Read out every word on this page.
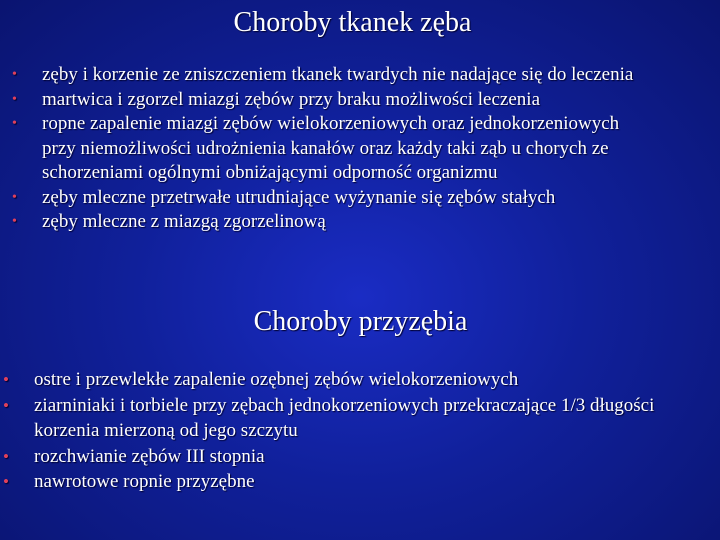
Choroby tkanek zęba
• zęby i korzenie ze zniszczeniem tkanek twardych nie nadające się do leczenia
• martwica i zgorzel miazgi zębów przy braku możliwości leczenia
• ropne zapalenie miazgi zębów wielokorzeniowych oraz jednokorzeniowych
przy niemożliwości udrożnienia kanałów oraz każdy taki ząb u chorych ze
schorzeniami ogólnymi obniżającymi odporność organizmu
• zęby mleczne przetrwałe utrudniające wyżynanie się zębów stałych
• zęby mleczne z miazgą zgorzelinową
Choroby przyzębia
• ostre i przewlekłe zapalenie ozębnej zębów wielokorzeniowych
• ziarniniaki i torbiele przy zębach jednokorzeniowych przekraczające 1/3 długości korzenia mierzoną od jego szczytu
• rozchwianie zębów III stopnia
• nawrotowe ropnie przyzębne
